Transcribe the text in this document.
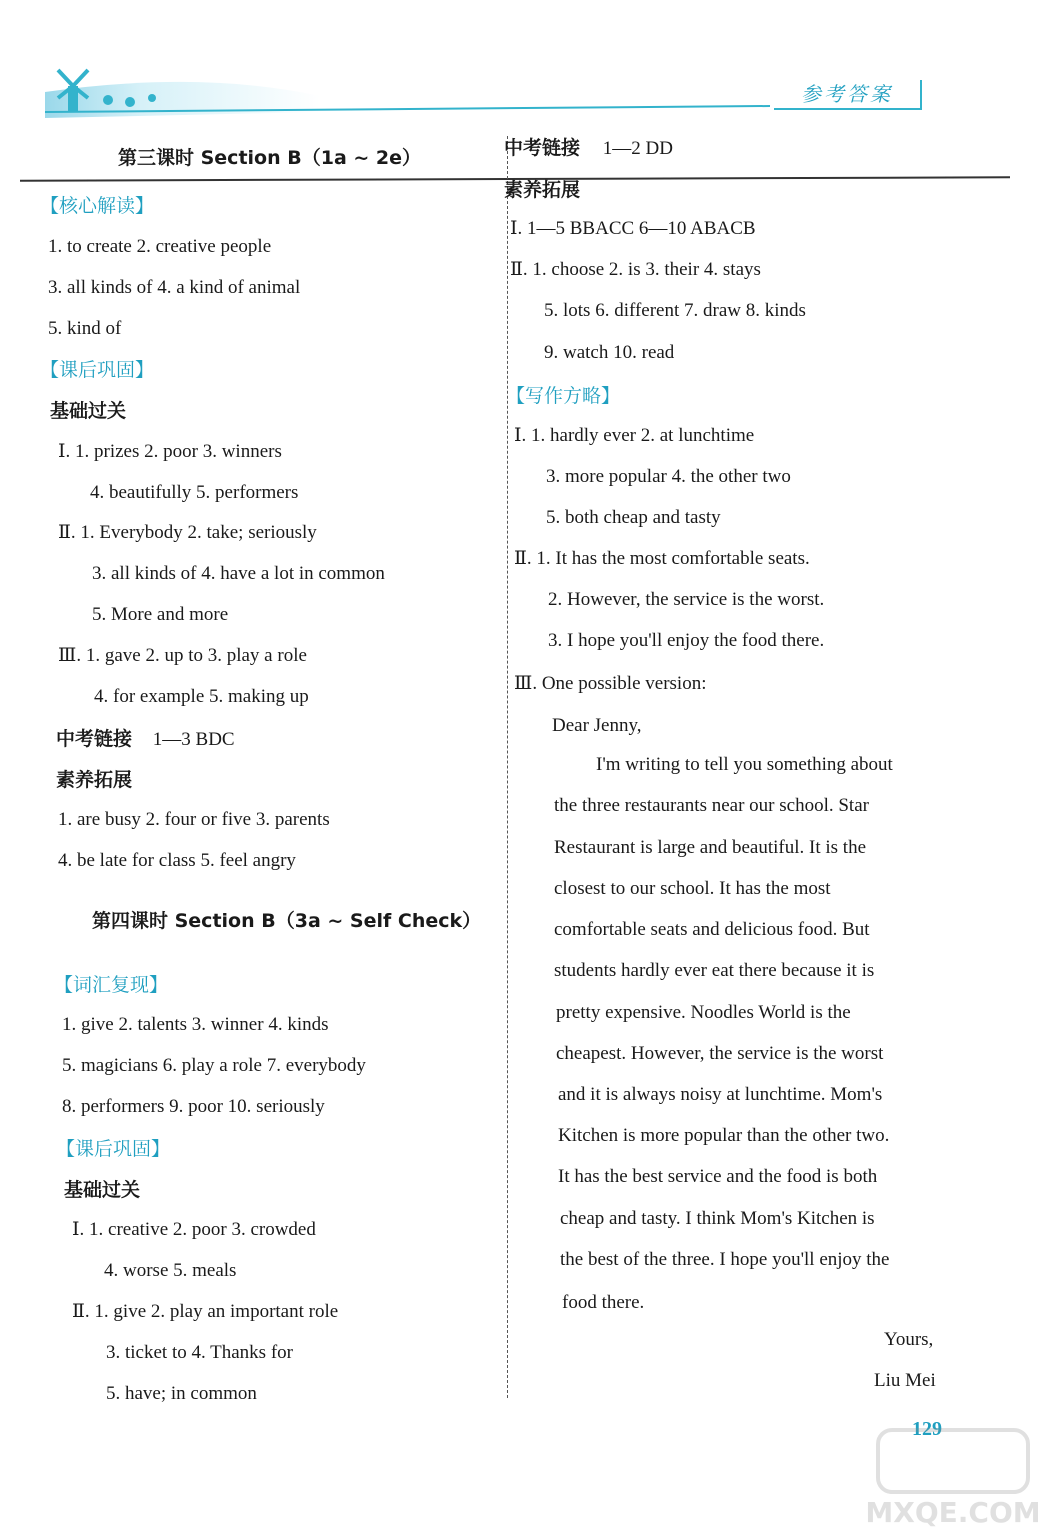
参考答案
第三课时 Section B（1a ~ 2e）
【核心解读】
1. to create 2. creative people
3. all kinds of 4. a kind of animal
5. kind of
【课后巩固】
基础过关
Ⅰ. 1. prizes 2. poor 3. winners
4. beautifully 5. performers
Ⅱ. 1. Everybody 2. take; seriously
3. all kinds of 4. have a lot in common
5. More and more
Ⅲ. 1. gave 2. up to 3. play a role
4. for example 5. making up
中考链接 1—3 BDC
素养拓展
1. are busy 2. four or five 3. parents
4. be late for class 5. feel angry
第四课时 Section B（3a ~ Self Check）
【词汇复现】
1. give 2. talents 3. winner 4. kinds
5. magicians 6. play a role 7. everybody
8. performers 9. poor 10. seriously
【课后巩固】
基础过关
Ⅰ. 1. creative 2. poor 3. crowded
4. worse 5. meals
Ⅱ. 1. give 2. play an important role
3. ticket to 4. Thanks for
5. have; in common
中考链接 1—2 DD
素养拓展
Ⅰ. 1—5 BBACC 6—10 ABACB
Ⅱ. 1. choose 2. is 3. their 4. stays
5. lots 6. different 7. draw 8. kinds
9. watch 10. read
【写作方略】
Ⅰ. 1. hardly ever 2. at lunchtime
3. more popular 4. the other two
5. both cheap and tasty
Ⅱ. 1. It has the most comfortable seats.
2. However, the service is the worst.
3. I hope you'll enjoy the food there.
Ⅲ. One possible version:
Dear Jenny,
I'm writing to tell you something about
the three restaurants near our school. Star
Restaurant is large and beautiful. It is the
closest to our school. It has the most
comfortable seats and delicious food. But
students hardly ever eat there because it is
pretty expensive. Noodles World is the
cheapest. However, the service is the worst
and it is always noisy at lunchtime. Mom's
Kitchen is more popular than the other two.
It has the best service and the food is both
cheap and tasty. I think Mom's Kitchen is
the best of the three. I hope you'll enjoy the
food there.
Yours,
Liu Mei
129
MXQE.COM
